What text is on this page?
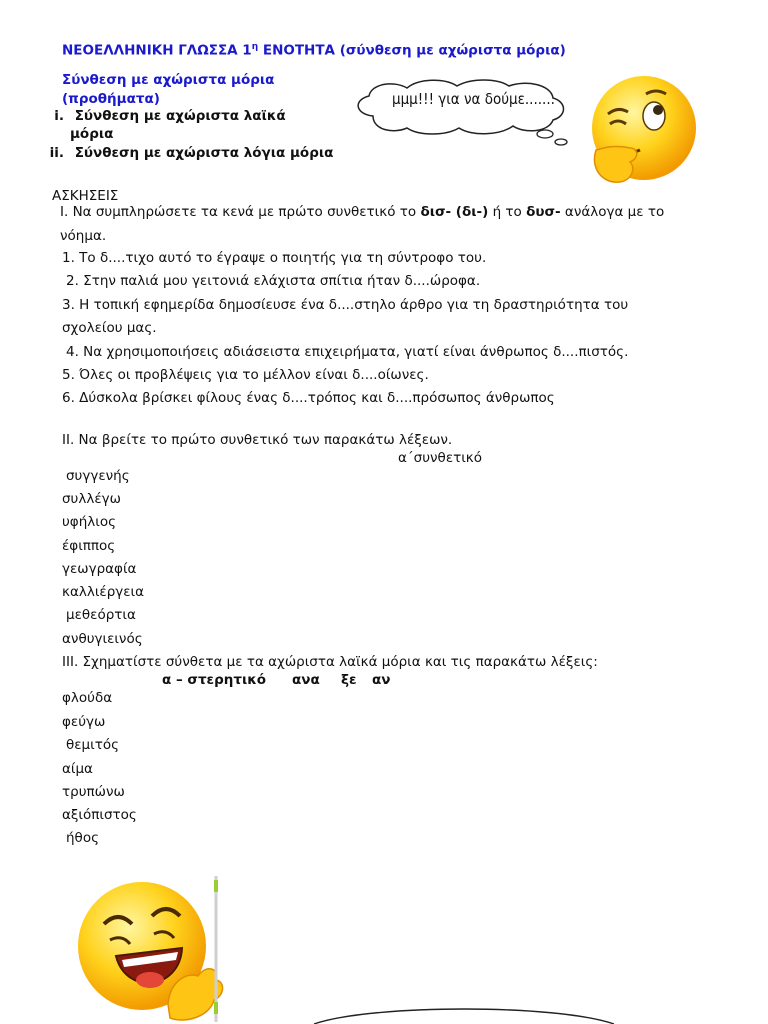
ΝΕΟΕΛΛΗΝΙΚΗ ΓΛΩΣΣΑ $1^\eta$ ΕΝΟΤΗΤΑ (σύνθεση με αχώριστα μόρια)
Σύνθεση με αχώριστα μόρια
(προθήματα)
i. Σύνθεση με αχώριστα λαϊκά
μόρια
ii. Σύνθεση με αχώριστα λόγια μόρια
μμμ!!! για να δούμε.......
ΑΣΚΗΣΕΙΣ
Ι. Να συμπληρώσετε τα κενά με πρώτο συνθετικό το δισ- (δι-) ή το δυσ- ανάλογα με το
νόημα.
1. Το δ....τιχο αυτό το έγραψε ο ποιητής για τη σύντροφο του.
2. Στην παλιά μου γειτονιά ελάχιστα σπίτια ήταν δ....ώροφα.
3. Η τοπική εφημερίδα δημοσίευσε ένα δ....στηλο άρθρο για τη δραστηριότητα του
σχολείου μας.
4. Να χρησιμοποιήσεις αδιάσειστα επιχειρήματα, γιατί είναι άνθρωπος δ....πιστός.
5. Όλες οι προβλέψεις για το μέλλον είναι δ....οίωνες.
6. Δύσκολα βρίσκει φίλους ένας δ....τρόπος και δ....πρόσωπος άνθρωπος
ΙΙ. Να βρείτε το πρώτο συνθετικό των παρακάτω λέξεων.
α΄συνθετικό
συγγενής
συλλέγω
υφήλιος
έφιππος
γεωγραφία
καλλιέργεια
μεθεόρτια
ανθυγιεινός
ΙΙΙ. Σχηματίστε σύνθετα με τα αχώριστα λαϊκά μόρια και τις παρακάτω λέξεις:
α – στερητικό ανα ξε αν
φλούδα
φεύγω
θεμιτός
αίμα
τρυπώνω
αξιόπιστος
ήθος
